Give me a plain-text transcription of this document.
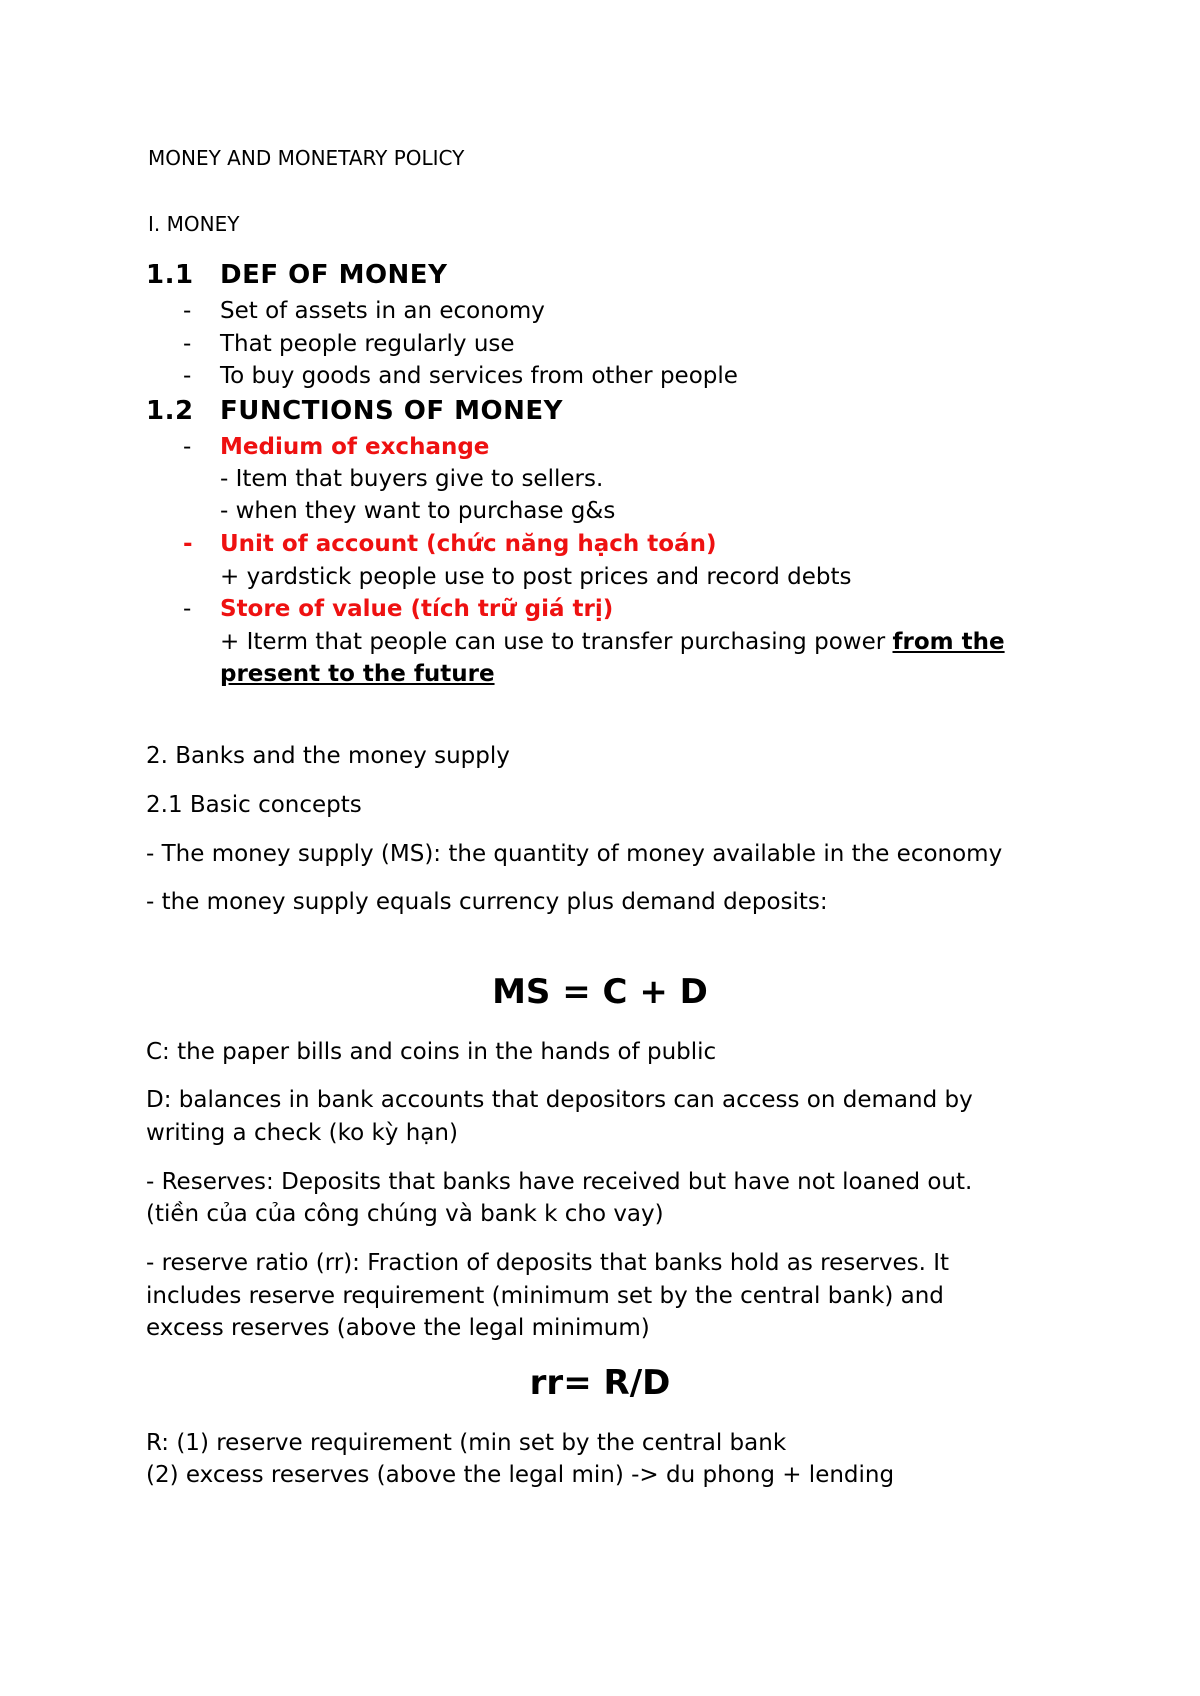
MONEY AND MONETARY POLICY
I. MONEY
1.1 DEF OF MONEY
- Set of assets in an economy
- That people regularly use
- To buy goods and services from other people
1.2 FUNCTIONS OF MONEY
- Medium of exchange
- Item that buyers give to sellers.
- when they want to purchase g&s
- Unit of account (chức năng hạch toán)
+ yardstick people use to post prices and record debts
- Store of value (tích trữ giá trị)
+ Iterm that people can use to transfer purchasing power from the
present to the future
2. Banks and the money supply
2.1 Basic concepts
- The money supply (MS): the quantity of money available in the economy
- the money supply equals currency plus demand deposits:
MS = C + D
C: the paper bills and coins in the hands of public
D: balances in bank accounts that depositors can access on demand by
writing a check (ko kỳ hạn)
- Reserves: Deposits that banks have received but have not loaned out.
(tiền của của công chúng và bank k cho vay)
- reserve ratio (rr): Fraction of deposits that banks hold as reserves. It
includes reserve requirement (minimum set by the central bank) and
excess reserves (above the legal minimum)
rr= R/D
R: (1) reserve requirement (min set by the central bank
(2) excess reserves (above the legal min) -> du phong + lending
